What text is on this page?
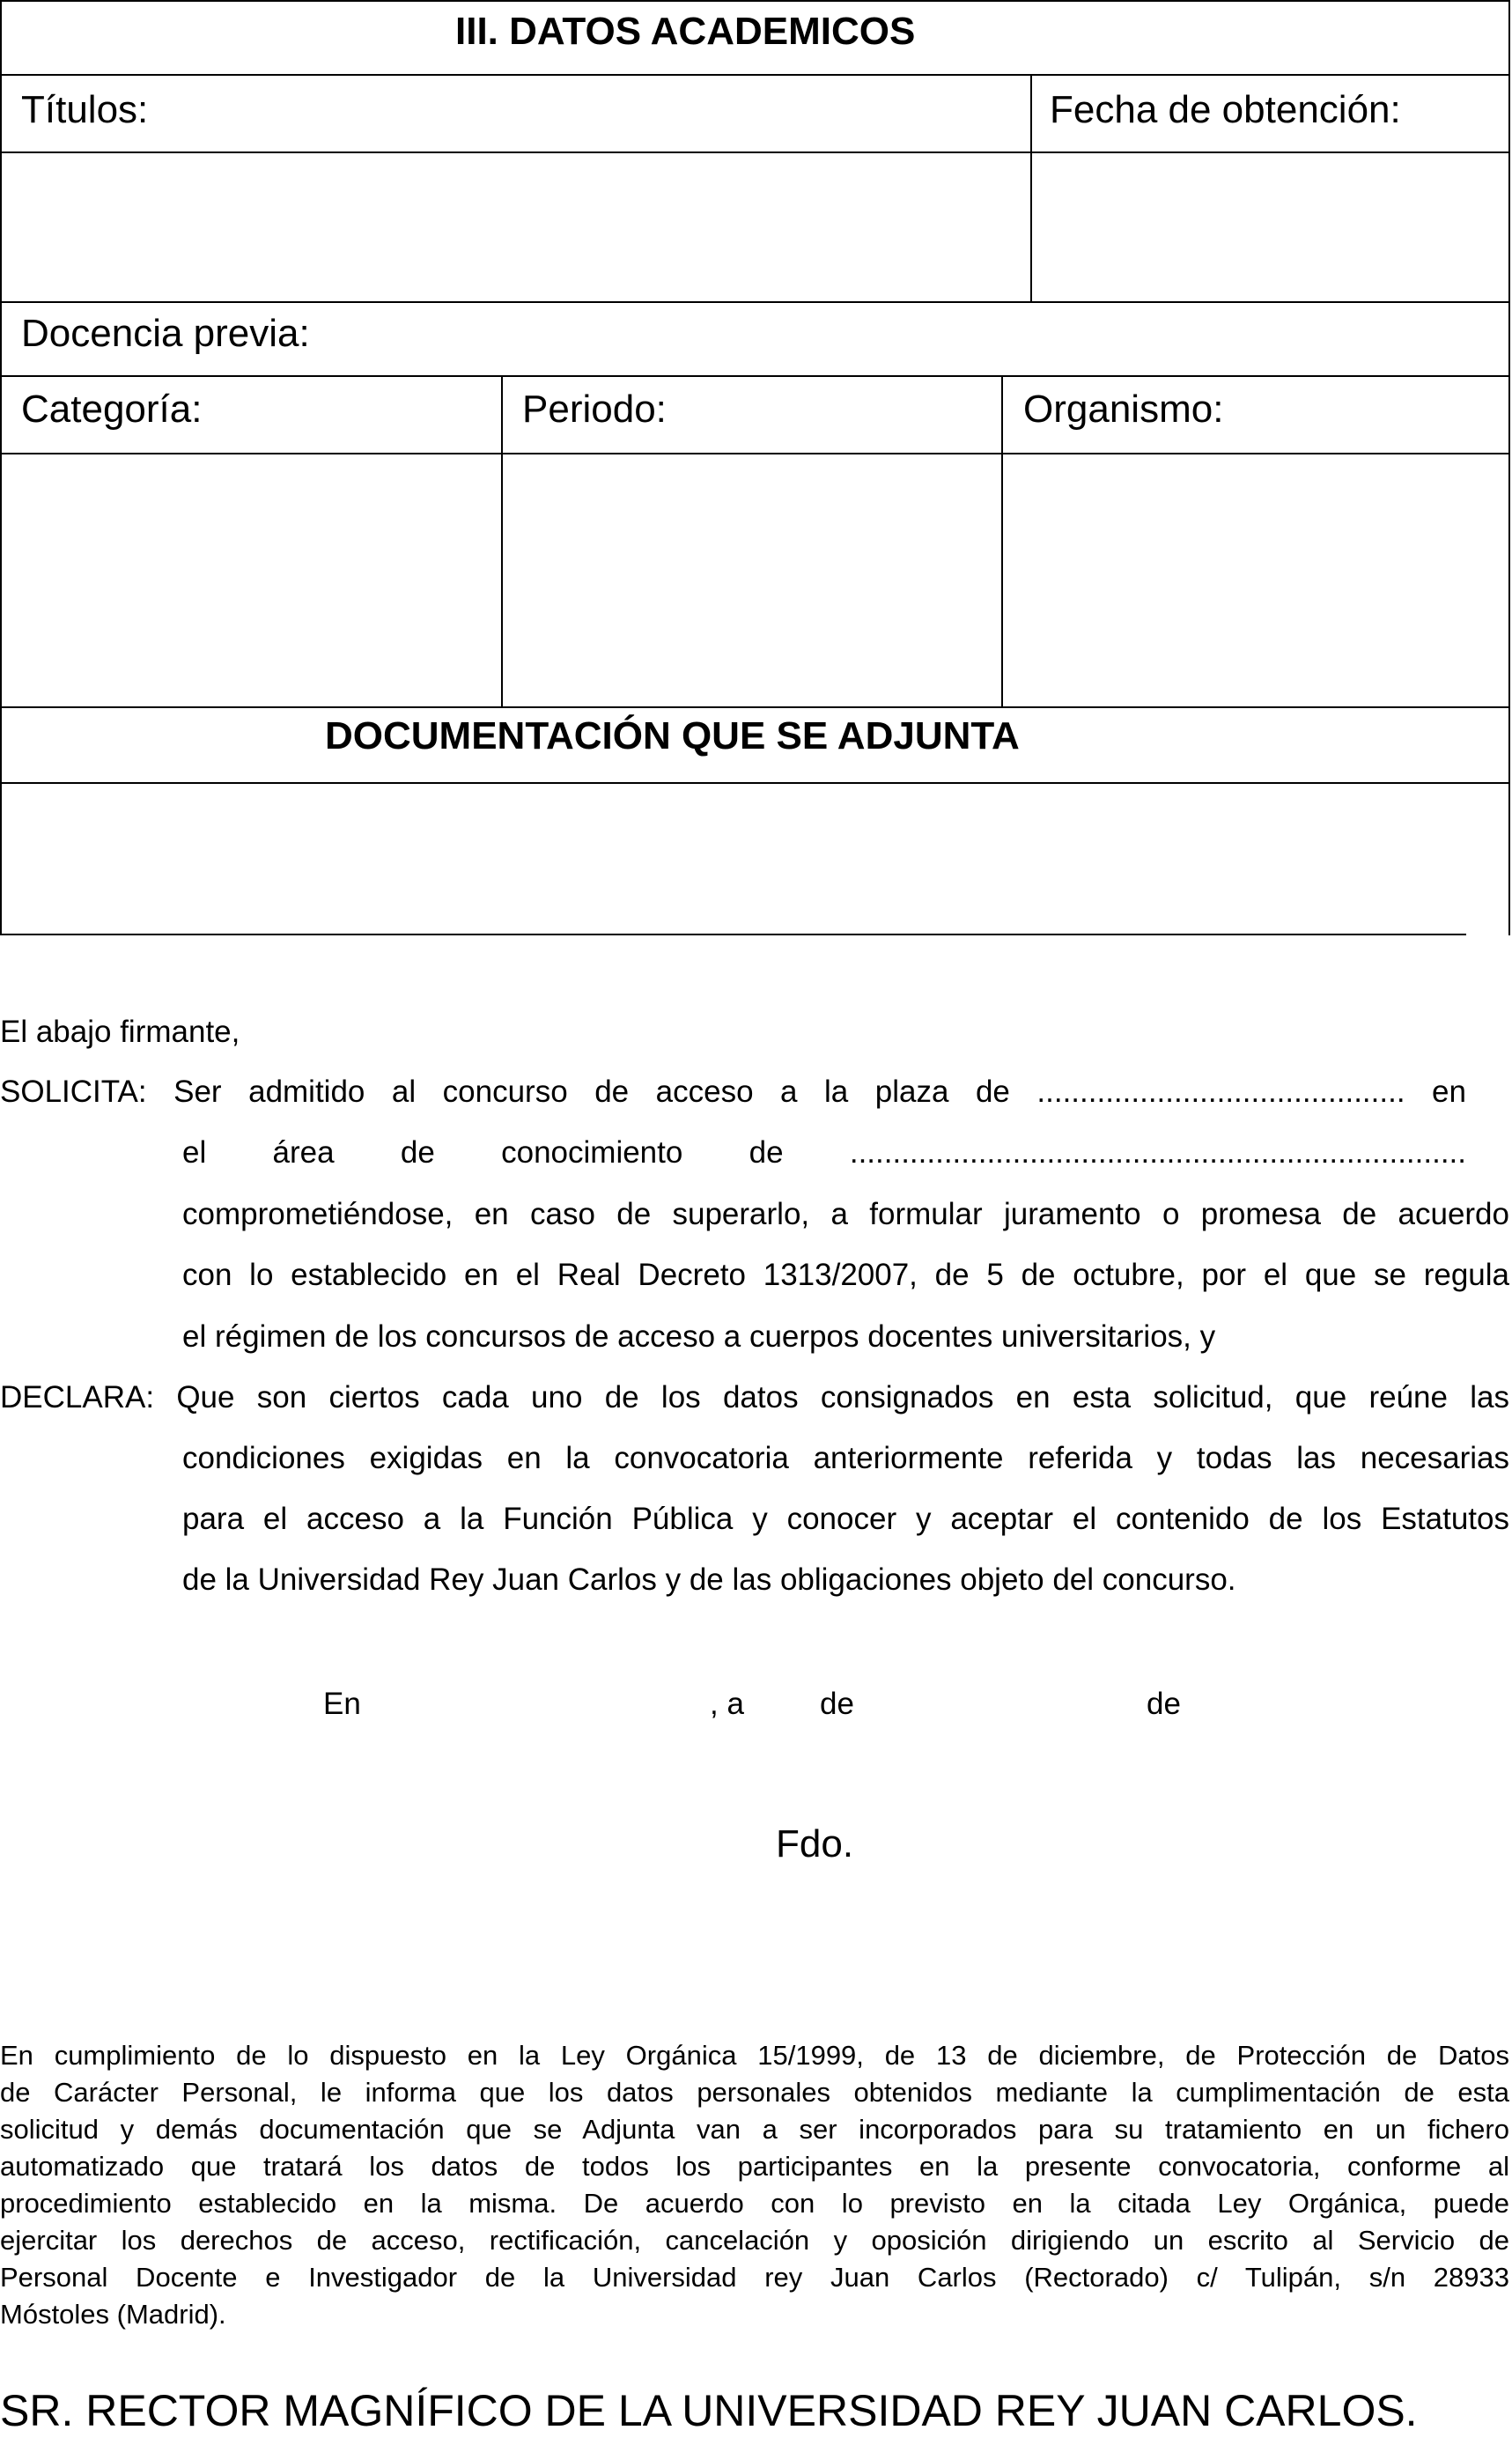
III. DATOS ACADEMICOS
Títulos:	Fecha de obtención:
Docencia previa:
Categoría:	Periodo:	Organismo:
DOCUMENTACIÓN QUE SE ADJUNTA
El abajo firmante,
SOLICITA: Ser admitido al concurso de acceso a la plaza de ........................................... en
el área de conocimiento de ........................................................................
comprometiéndose, en caso de superarlo, a formular juramento o promesa de acuerdo
con lo establecido en el Real Decreto 1313/2007, de 5 de octubre, por el que se regula
el régimen de los concursos de acceso a cuerpos docentes universitarios, y
DECLARA: Que son ciertos cada uno de los datos consignados en esta solicitud, que reúne las
condiciones exigidas en la convocatoria anteriormente referida y todas las necesarias
para el acceso a la Función Pública y conocer y aceptar el contenido de los Estatutos
de la Universidad Rey Juan Carlos y de las obligaciones objeto del concurso.
En	, a de	de
Fdo.
En cumplimiento de lo dispuesto en la Ley Orgánica 15/1999, de 13 de diciembre, de Protección de Datos
de Carácter Personal, le informa que los datos personales obtenidos mediante la cumplimentación de esta
solicitud y demás documentación que se Adjunta van a ser incorporados para su tratamiento en un fichero
automatizado que tratará los datos de todos los participantes en la presente convocatoria, conforme al
procedimiento establecido en la misma. De acuerdo con lo previsto en la citada Ley Orgánica, puede
ejercitar los derechos de acceso, rectificación, cancelación y oposición dirigiendo un escrito al Servicio de
Personal Docente e Investigador de la Universidad rey Juan Carlos (Rectorado) c/ Tulipán, s/n 28933
Móstoles (Madrid).
SR. RECTOR MAGNÍFICO DE LA UNIVERSIDAD REY JUAN CARLOS.
